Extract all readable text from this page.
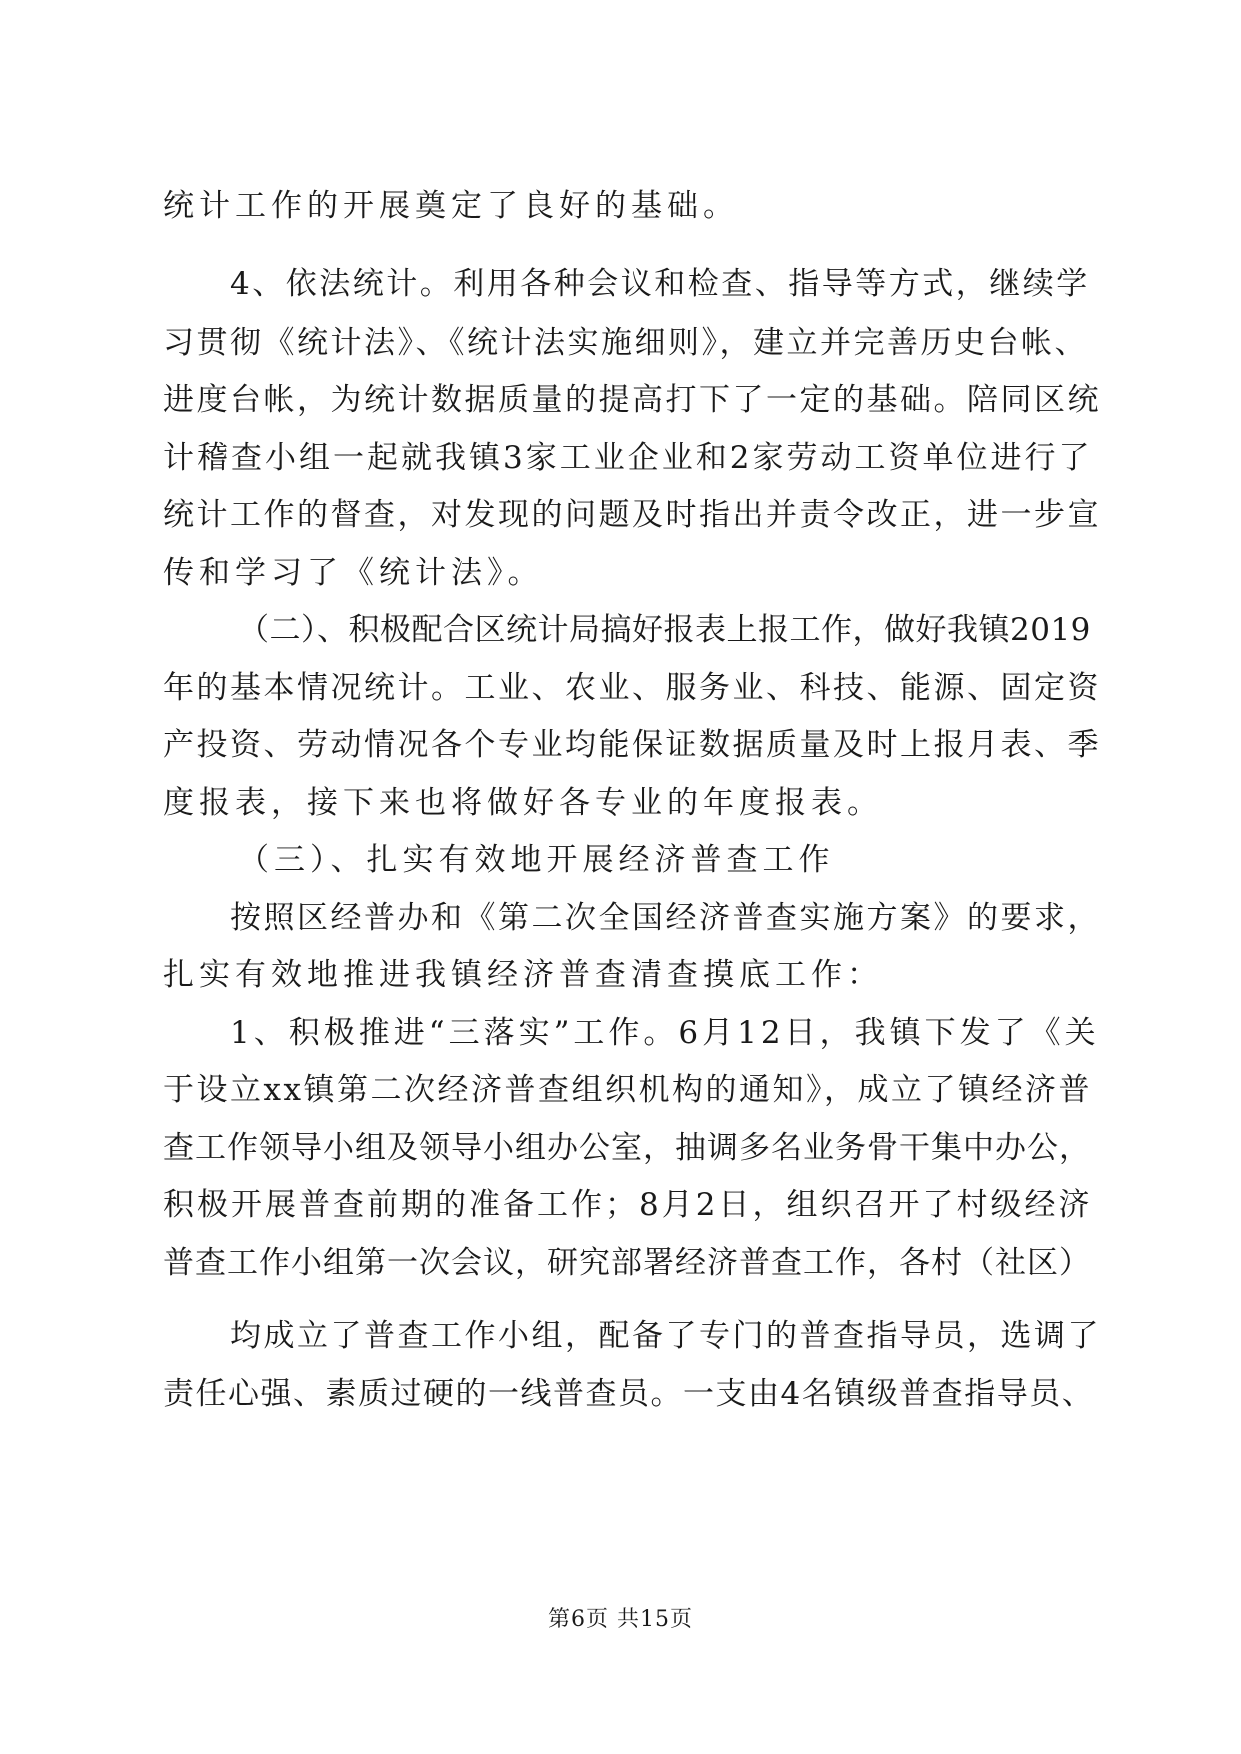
统计工作的开展奠定了良好的基础。
4、依法统计。利用各种会议和检查、指导等方式，继续学
习贯彻《统计法》、《统计法实施细则》，建立并完善历史台帐、
进度台帐，为统计数据质量的提高打下了一定的基础。陪同区统
计稽查小组一起就我镇3家工业企业和2家劳动工资单位进行了
统计工作的督查，对发现的问题及时指出并责令改正，进一步宣
传和学习了《统计法》。
（二）、积极配合区统计局搞好报表上报工作，做好我镇2019
年的基本情况统计。工业、农业、服务业、科技、能源、固定资
产投资、劳动情况各个专业均能保证数据质量及时上报月表、季
度报表，接下来也将做好各专业的年度报表。
（三）、扎实有效地开展经济普查工作
按照区经普办和《第二次全国经济普查实施方案》的要求，
扎实有效地推进我镇经济普查清查摸底工作：
1、积极推进“三落实”工作。6月12日，我镇下发了《关
于设立xx镇第二次经济普查组织机构的通知》，成立了镇经济普
查工作领导小组及领导小组办公室，抽调多名业务骨干集中办公，
积极开展普查前期的准备工作；8月2日，组织召开了村级经济
普查工作小组第一次会议，研究部署经济普查工作，各村（社区）
均成立了普查工作小组，配备了专门的普查指导员，选调了
责任心强、素质过硬的一线普查员。一支由4名镇级普查指导员、
第6页 共15页
